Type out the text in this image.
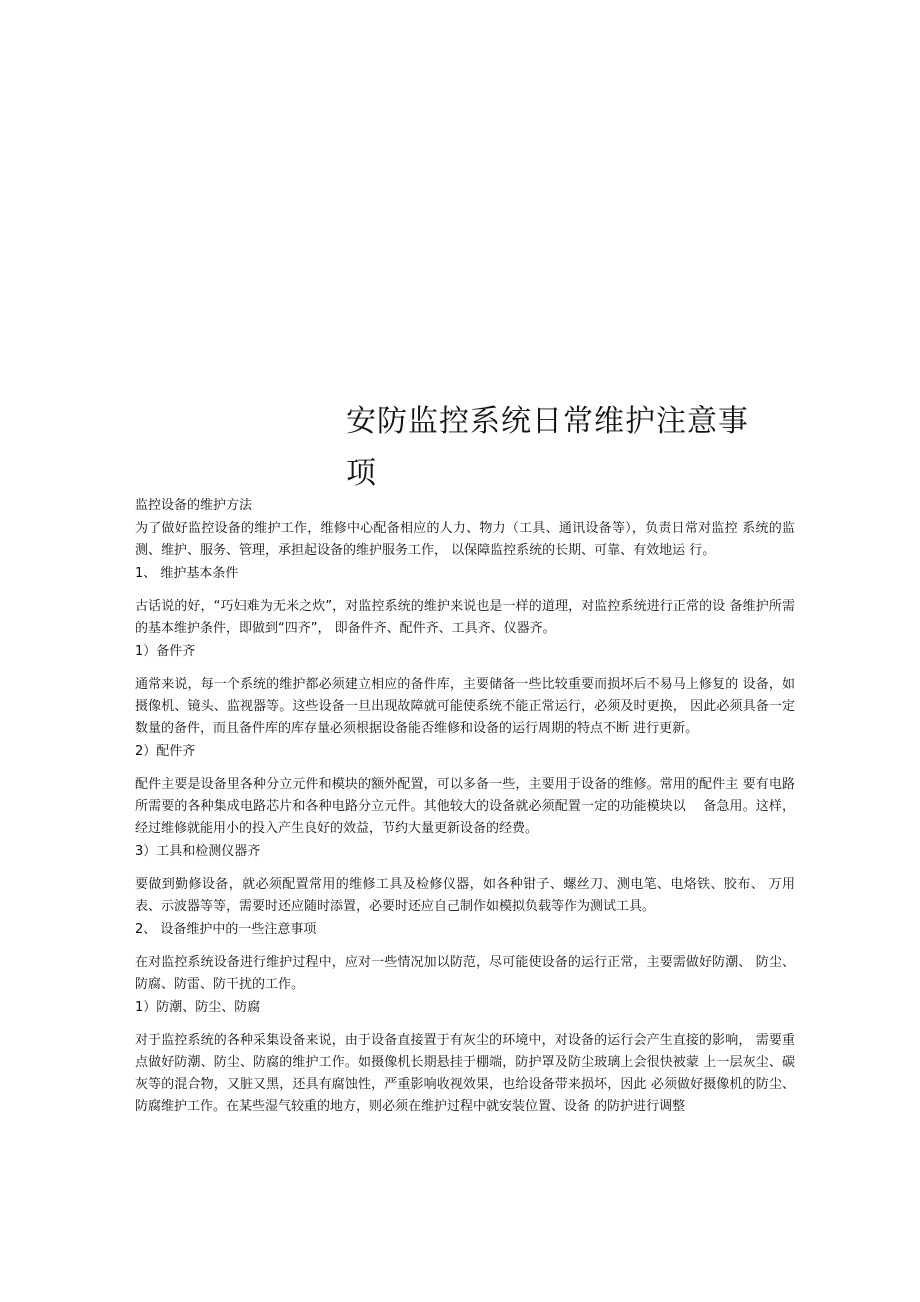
安防监控系统日常维护注意事项

监控设备的维护方法

为了做好监控设备的维护工作，维修中心配备相应的人力、物力（工具、通讯设备等），负责日常对监控 系统的监测、维护、服务、管理，承担起设备的维护服务工作， 以保障监控系统的长期、可靠、有效地运 行。

1、 维护基本条件

古话说的好，“巧妇难为无米之炊”，对监控系统的维护来说也是一样的道理，对监控系统进行正常的设 备维护所需的基本维护条件，即做到“四齐”， 即备件齐、配件齐、工具齐、仪器齐。

1）备件齐

通常来说，每一个系统的维护都必须建立相应的备件库，主要储备一些比较重要而损坏后不易马上修复的 设备，如摄像机、镜头、监视器等。这些设备一旦出现故障就可能使系统不能正常运行，必须及时更换， 因此必须具备一定数量的备件，而且备件库的库存量必须根据设备能否维修和设备的运行周期的特点不断 进行更新。

2）配件齐

配件主要是设备里各种分立元件和模块的额外配置，可以多备一些，主要用于设备的维修。常用的配件主 要有电路所需要的各种集成电路芯片和各种电路分立元件。其他较大的设备就必须配置一定的功能模块以　 备急用。这样，经过维修就能用小的投入产生良好的效益，节约大量更新设备的经费。

3）工具和检测仪器齐

要做到勤修设备，就必须配置常用的维修工具及检修仪器，如各种钳子、螺丝刀、测电笔、电烙铁、胶布、 万用表、示波器等等，需要时还应随时添置，必要时还应自己制作如模拟负载等作为测试工具。

2、 设备维护中的一些注意事项

在对监控系统设备进行维护过程中，应对一些情况加以防范，尽可能使设备的运行正常，主要需做好防潮、 防尘、防腐、防雷、防干扰的工作。

1）防潮、防尘、防腐

对于监控系统的各种采集设备来说，由于设备直接置于有灰尘的环境中，对设备的运行会产生直接的影响， 需要重点做好防潮、防尘、防腐的维护工作。如摄像机长期悬挂于棚端，防护罩及防尘玻璃上会很快被蒙 上一层灰尘、碳灰等的混合物，又脏又黑，还具有腐蚀性，严重影响收视效果，也给设备带来损坏，因此 必须做好摄像机的防尘、防腐维护工作。在某些湿气较重的地方，则必须在维护过程中就安装位置、设备 的防护进行调整
